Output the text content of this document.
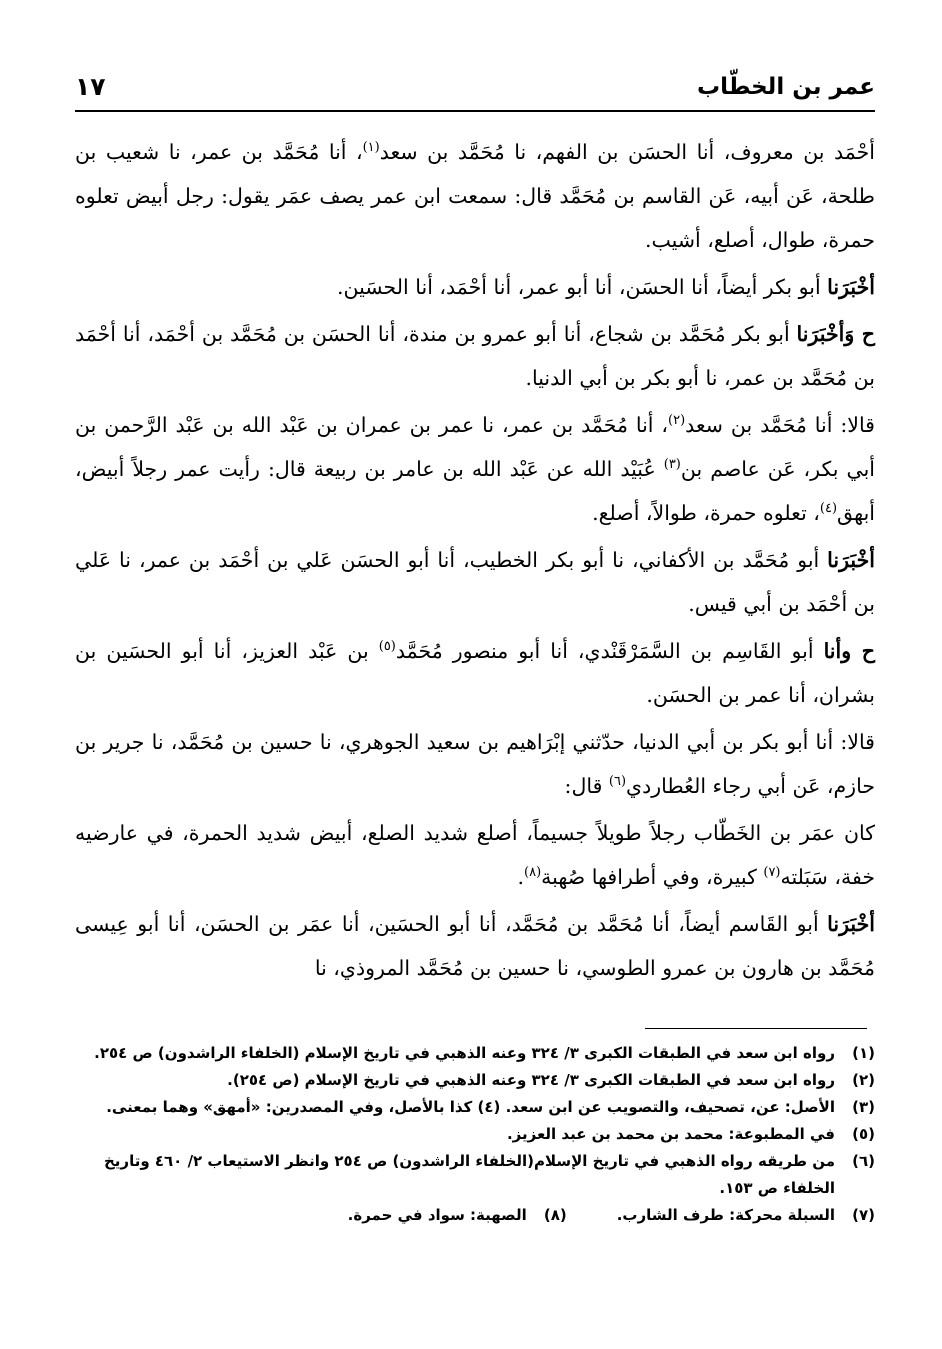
عمر بن الخطّاب
١٧

أحْمَد بن معروف، أنا الحسَن بن الفهم، نا مُحَمَّد بن سعد$^{(١)}$، أنا مُحَمَّد بن عمر، نا شعيب بن طلحة، عَن أبيه، عَن القاسم بن مُحَمَّد قال: سمعت ابن عمر يصف عمَر يقول: رجل أبيض تعلوه حمرة، طوال، أصلع، أشيب.

أخْبَرَنا أبو بكر أيضاً، أنا الحسَن، أنا أبو عمر، أنا أحْمَد، أنا الحسَين.

ح وَأخْبَرَنا أبو بكر مُحَمَّد بن شجاع، أنا أبو عمرو بن مندة، أنا الحسَن بن مُحَمَّد بن أحْمَد، أنا أحْمَد بن مُحَمَّد بن عمر، نا أبو بكر بن أبي الدنيا.

قالا: أنا مُحَمَّد بن سعد$^{(٢)}$، أنا مُحَمَّد بن عمر، نا عمر بن عمران بن عَبْد الله بن عَبْد الرَّحمن بن أبي بكر، عَن عاصم بن$^{(٣)}$ عُبَيْد الله عن عَبْد الله بن عامر بن ربيعة قال: رأيت عمر رجلاً أبيض، أبهق$^{(٤)}$، تعلوه حمرة، طوالاً، أصلع.

أخْبَرَنا أبو مُحَمَّد بن الأكفاني، نا أبو بكر الخطيب، أنا أبو الحسَن عَلي بن أحْمَد بن عمر، نا عَلي بن أحْمَد بن أبي قيس.

ح وأنا أبو القَاسِم بن السَّمَرْقَنْدي، أنا أبو منصور مُحَمَّد$^{(٥)}$ بن عَبْد العزيز، أنا أبو الحسَين بن بشران، أنا عمر بن الحسَن.

قالا: أنا أبو بكر بن أبي الدنيا، حدّثني إبْرَاهيم بن سعيد الجوهري، نا حسين بن مُحَمَّد، نا جرير بن حازم، عَن أبي رجاء العُطاردي$^{(٦)}$ قال:

كان عمَر بن الخَطّاب رجلاً طويلاً جسيماً، أصلع شديد الصلع، أبيض شديد الحمرة، في عارضيه خفة، سَبَلته$^{(٧)}$ كبيرة، وفي أطرافها صُهبة$^{(٨)}$.

أخْبَرَنا أبو القَاسم أيضاً، أنا مُحَمَّد بن مُحَمَّد، أنا أبو الحسَين، أنا عمَر بن الحسَن، أنا أبو عِيسى مُحَمَّد بن هارون بن عمرو الطوسي، نا حسين بن مُحَمَّد المروذي، نا

(١)
رواه ابن سعد في الطبقات الكبرى ٣/ ٣٢٤ وعنه الذهبي في تاريخ الإسلام (الخلفاء الراشدون) ص ٢٥٤.
(٢)
رواه ابن سعد في الطبقات الكبرى ٣/ ٣٢٤ وعنه الذهبي في تاريخ الإسلام (ص ٢٥٤).
(٣)
الأصل: عن، تصحيف، والتصويب عن ابن سعد. (٤) كذا بالأصل، وفي المصدرين: «أمهق» وهما بمعنى.
(٥)
في المطبوعة: محمد بن محمد بن عبد العزيز.
(٦)
من طريقه رواه الذهبي في تاريخ الإسلام(الخلفاء الراشدون) ص ٢٥٤ وانظر الاستيعاب ٢/ ٤٦٠ وتاريخ الخلفاء ص ١٥٣.
(٧)
السبلة محركة: طرف الشارب.
(٨)
الصهبة: سواد في حمرة.
